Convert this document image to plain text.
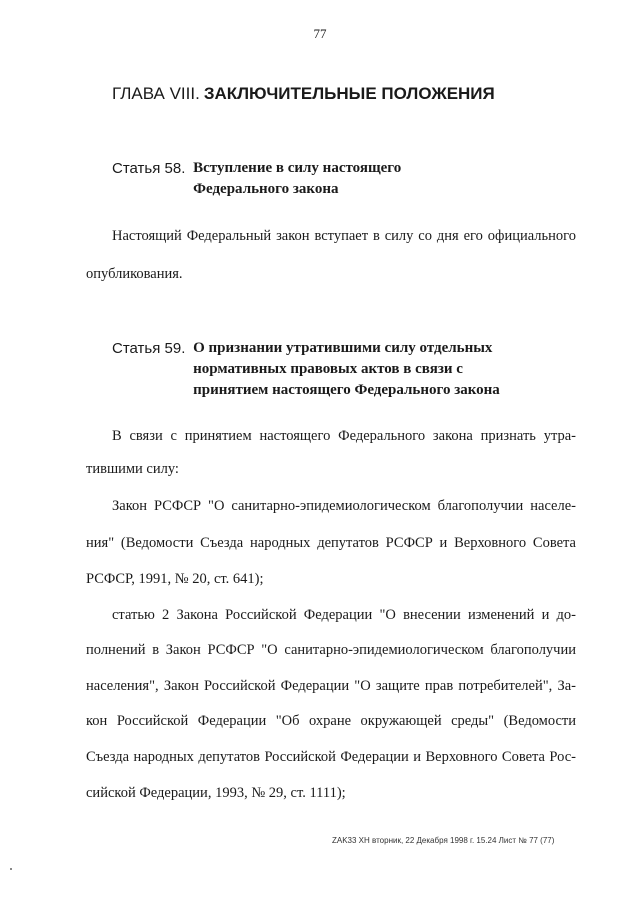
77
ГЛАВА VIII. ЗАКЛЮЧИТЕЛЬНЫЕ ПОЛОЖЕНИЯ
Статья 58. Вступление в силу настоящего
Федерального закона
Настоящий Федеральный закон вступает в силу со дня его официального
опубликования.
Статья 59. О признании утратившими силу отдельных
нормативных правовых актов в связи с
принятием настоящего Федерального закона
В связи с принятием настоящего Федерального закона признать утра-
тившими силу:
Закон РСФСР "О санитарно-эпидемиологическом благополучии населе-
ния" (Ведомости Съезда народных депутатов РСФСР и Верховного Совета
РСФСР, 1991, № 20, ст. 641);
статью 2 Закона Российской Федерации "О внесении изменений и до-
полнений в Закон РСФСР "О санитарно-эпидемиологическом благополучии
населения", Закон Российской Федерации "О защите прав потребителей", За-
кон Российской Федерации "Об охране окружающей среды" (Ведомости
Съезда народных депутатов Российской Федерации и Верховного Совета Рос-
сийской Федерации, 1993, № 29, ст. 1111);
ZAK33 XH вторник, 22 Декабря 1998 г. 15.24 Лист № 77 (77)
